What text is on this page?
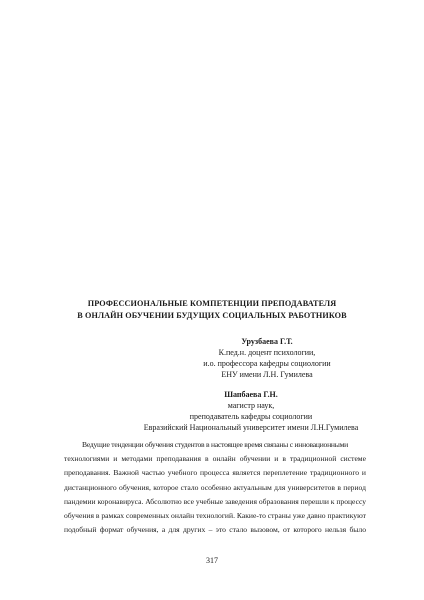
ПРОФЕССИОНАЛЬНЫЕ КОМПЕТЕНЦИИ ПРЕПОДАВАТЕЛЯ
В ОНЛАЙН ОБУЧЕНИИ БУДУЩИХ СОЦИАЛЬНЫХ РАБОТНИКОВ
Урузбаева Г.Т.
К.пед.н. доцент психологии,
и.о. профессора кафедры социологии
ЕНУ имени Л.Н. Гумилева
Шапбаева Г.Н.
магистр наук,
преподаватель кафедры социологии
Евразийский Национальный университет имени Л.Н.Гумилева
Ведущие тенденции обучения студентов в настоящее время связаны с инновационными
технологиями и методами преподавания в онлайн обучении и в традиционной системе
преподавания. Важной частью учебного процесса является переплетение традиционного и
дистанционного обучения, которое стало особенно актуальным для университетов в период
пандемии коронавируса. Абсолютно все учебные заведения образования перешли к процессу
обучения в рамках современных онлайн технологий. Какие-то страны уже давно практикуют
подобный формат обучения, а для других – это стало вызовом, от которого нельзя было
317
